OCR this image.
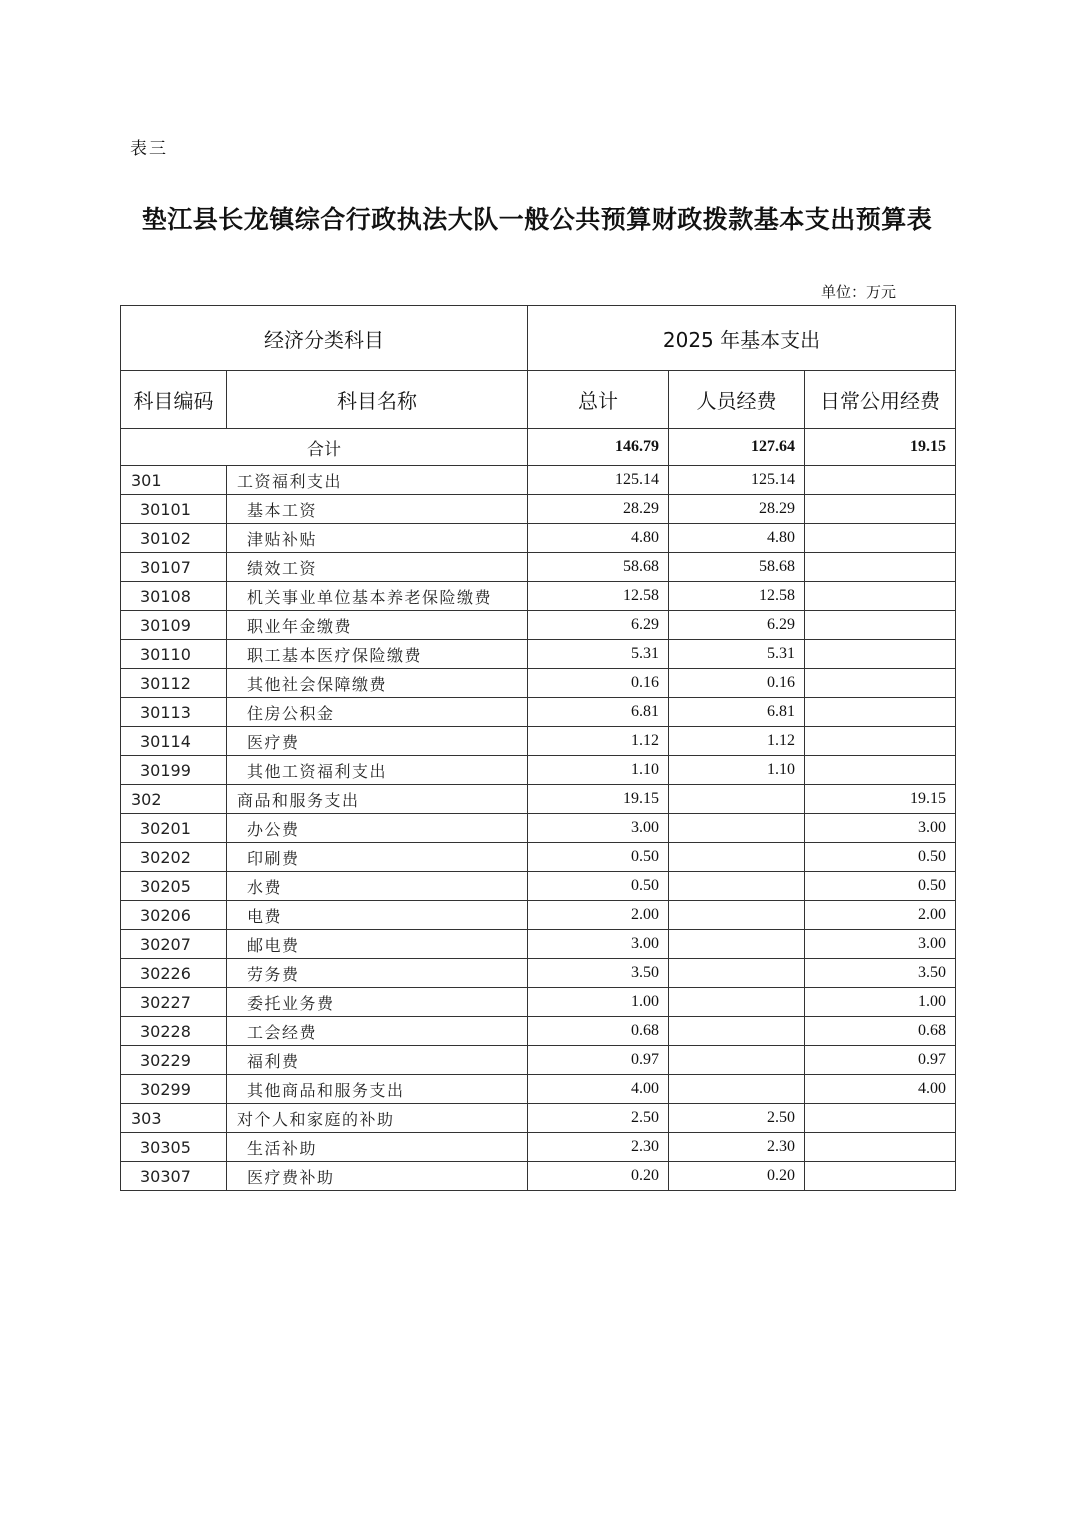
表三
垫江县长龙镇综合行政执法大队一般公共预算财政拨款基本支出预算表
单位：万元
经济分类科目		2025 年基本支出		
科目编码	科目名称	总计	人员经费	日常公用经费
合计		146.79	127.64	19.15
301	工资福利支出	125.14	125.14	
30101	基本工资	28.29	28.29	
30102	津贴补贴	4.80	4.80	
30107	绩效工资	58.68	58.68	
30108	机关事业单位基本养老保险缴费	12.58	12.58	
30109	职业年金缴费	6.29	6.29	
30110	职工基本医疗保险缴费	5.31	5.31	
30112	其他社会保障缴费	0.16	0.16	
30113	住房公积金	6.81	6.81	
30114	医疗费	1.12	1.12	
30199	其他工资福利支出	1.10	1.10	
302	商品和服务支出	19.15		19.15
30201	办公费	3.00		3.00
30202	印刷费	0.50		0.50
30205	水费	0.50		0.50
30206	电费	2.00		2.00
30207	邮电费	3.00		3.00
30226	劳务费	3.50		3.50
30227	委托业务费	1.00		1.00
30228	工会经费	0.68		0.68
30229	福利费	0.97		0.97
30299	其他商品和服务支出	4.00		4.00
303	对个人和家庭的补助	2.50	2.50	
30305	生活补助	2.30	2.30	
30307	医疗费补助	0.20	0.20	
